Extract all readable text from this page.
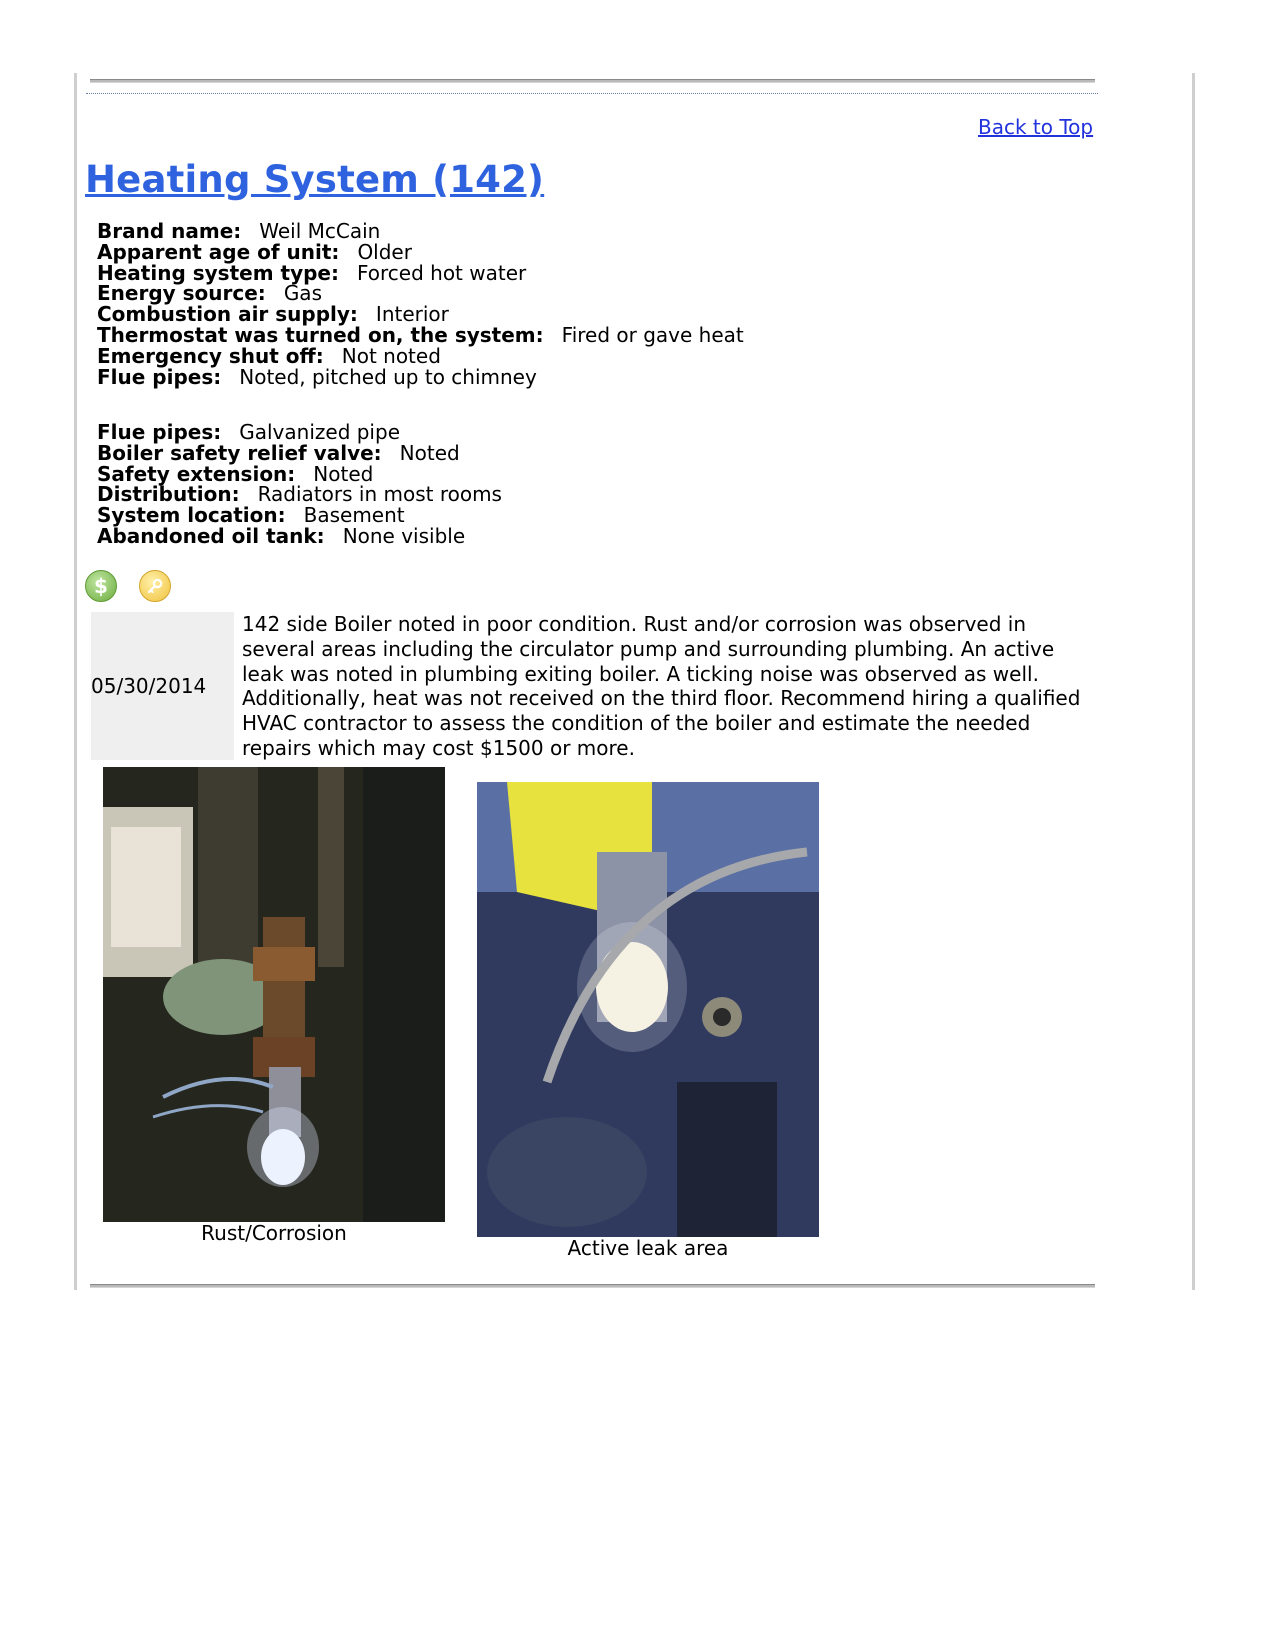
Back to Top
Heating System (142)
Brand name: Weil McCain
Apparent age of unit: Older
Heating system type: Forced hot water
Energy source: Gas
Combustion air supply: Interior
Thermostat was turned on, the system: Fired or gave heat
Emergency shut off: Not noted
Flue pipes: Noted, pitched up to chimney
Flue pipes: Galvanized pipe
Boiler safety relief valve: Noted
Safety extension: Noted
Distribution: Radiators in most rooms
System location: Basement
Abandoned oil tank: None visible
$
05/30/2014

142 side Boiler noted in poor condition. Rust and/or corrosion was observed in several areas including the circulator pump and surrounding plumbing. An active leak was noted in plumbing exiting boiler. A ticking noise was observed as well. Additionally, heat was not received on the third floor. Recommend hiring a qualified HVAC contractor to assess the condition of the boiler and estimate the needed repairs which may cost $1500 or more.

Rust/Corrosion
Active leak area
